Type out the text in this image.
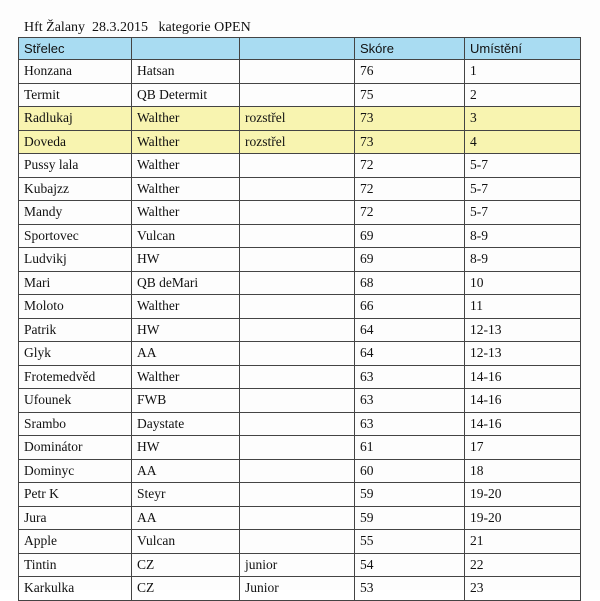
Hft Žalany  28.3.2015   kategorie OPEN
Střelec			Skóre	Umístění
Honzana	Hatsan		76	1
Termit	QB Determit		75	2
Radlukaj	Walther	rozstřel	73	3
Doveda	Walther	rozstřel	73	4
Pussy lala	Walther		72	5-7
Kubajzz	Walther		72	5-7
Mandy	Walther		72	5-7
Sportovec	Vulcan		69	8-9
Ludvikj	HW		69	8-9
Mari	QB deMari		68	10
Moloto	Walther		66	11
Patrik	HW		64	12-13
Glyk	AA		64	12-13
Frotemedvěd	Walther		63	14-16
Ufounek	FWB		63	14-16
Srambo	Daystate		63	14-16
Dominátor	HW		61	17
Dominyc	AA		60	18
Petr K	Steyr		59	19-20
Jura	AA		59	19-20
Apple	Vulcan		55	21
Tintin	CZ	junior	54	22
Karkulka	CZ	Junior	53	23
